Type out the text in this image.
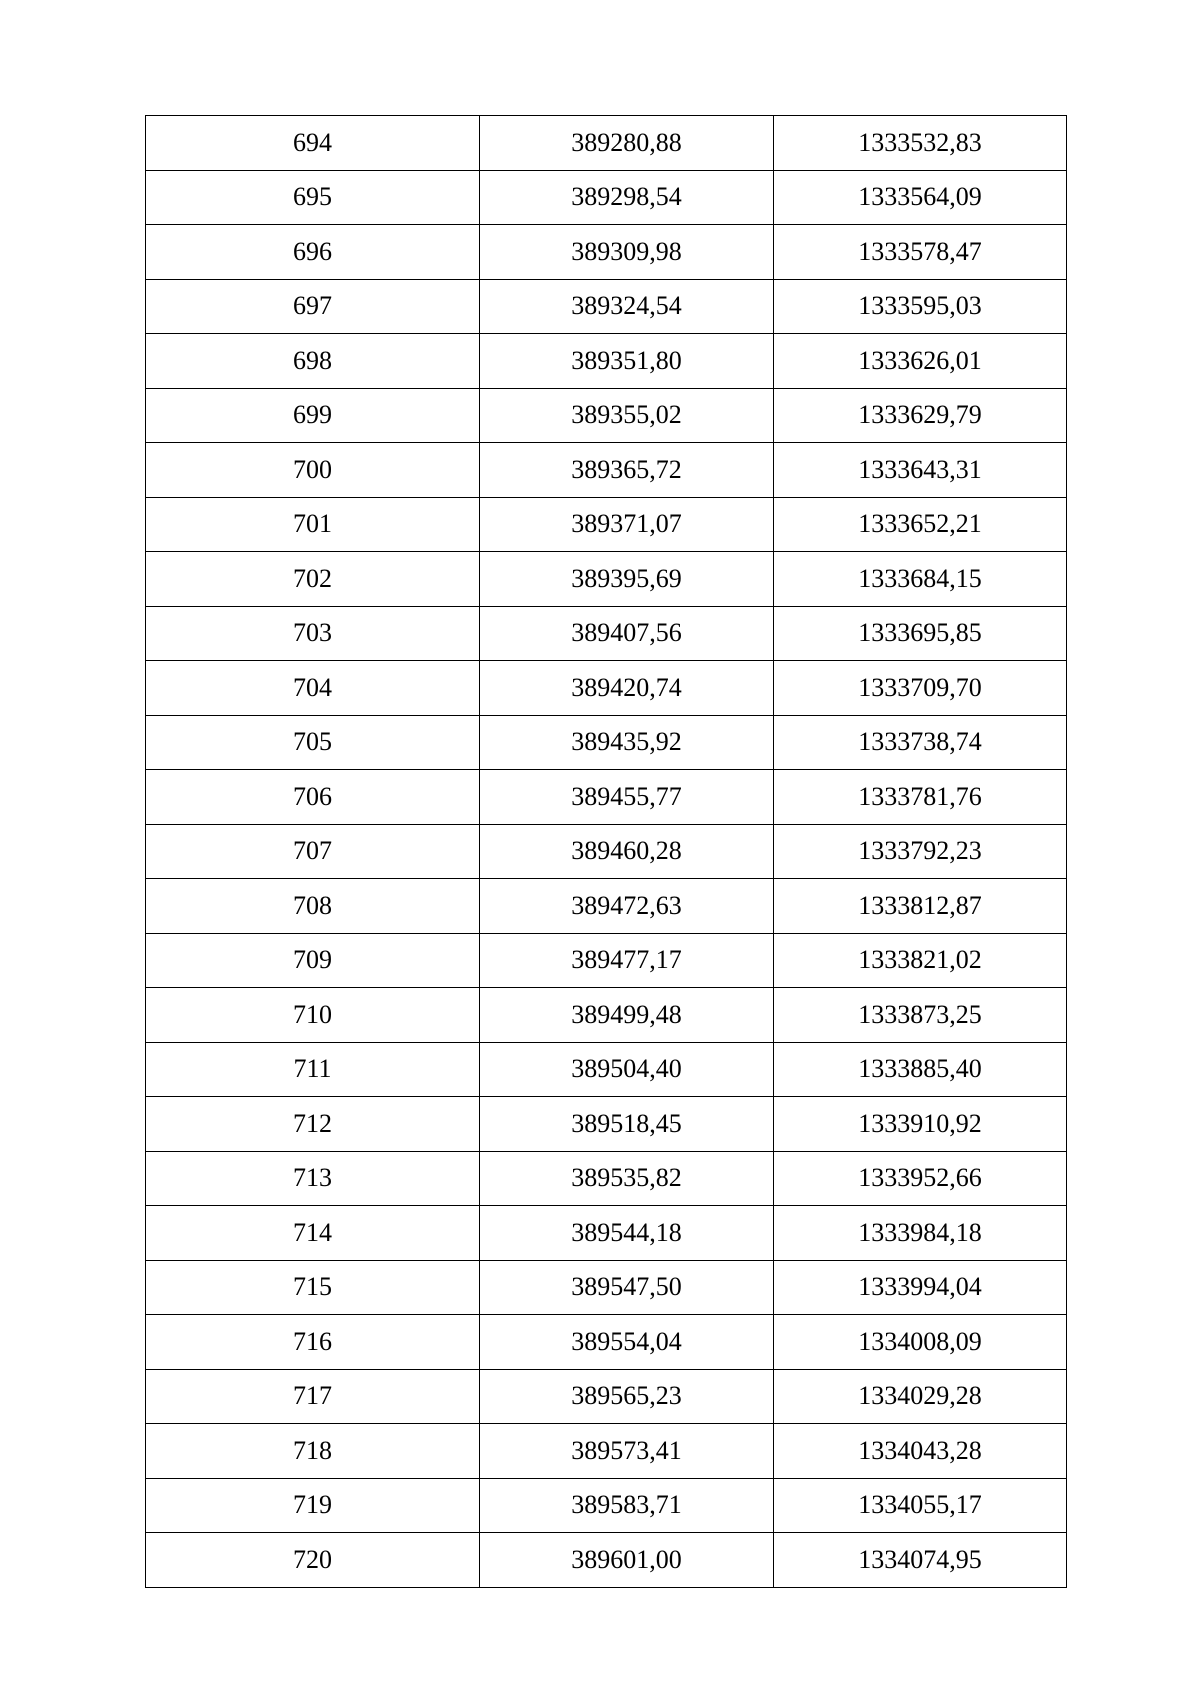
694	389280,88	1333532,83
695	389298,54	1333564,09
696	389309,98	1333578,47
697	389324,54	1333595,03
698	389351,80	1333626,01
699	389355,02	1333629,79
700	389365,72	1333643,31
701	389371,07	1333652,21
702	389395,69	1333684,15
703	389407,56	1333695,85
704	389420,74	1333709,70
705	389435,92	1333738,74
706	389455,77	1333781,76
707	389460,28	1333792,23
708	389472,63	1333812,87
709	389477,17	1333821,02
710	389499,48	1333873,25
711	389504,40	1333885,40
712	389518,45	1333910,92
713	389535,82	1333952,66
714	389544,18	1333984,18
715	389547,50	1333994,04
716	389554,04	1334008,09
717	389565,23	1334029,28
718	389573,41	1334043,28
719	389583,71	1334055,17
720	389601,00	1334074,95
